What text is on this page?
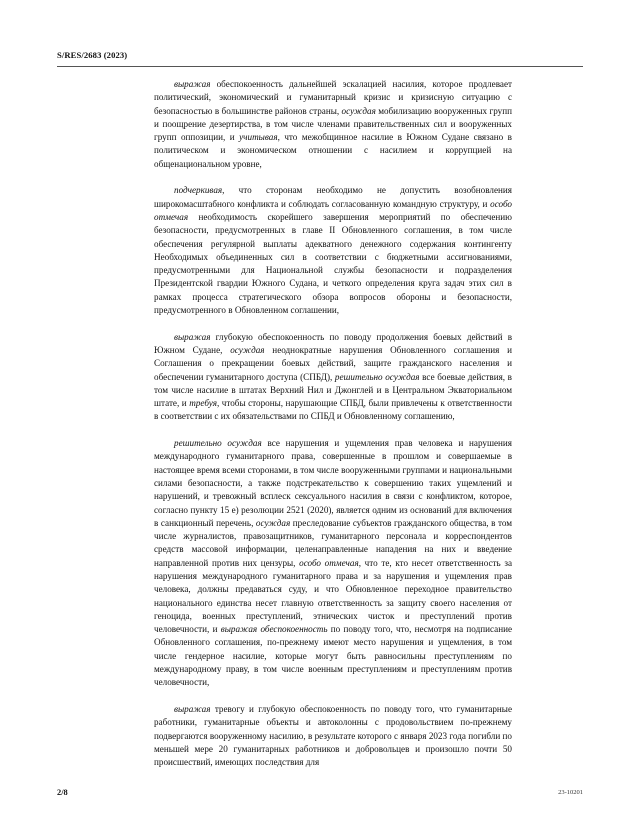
S/RES/2683 (2023)

выражая обеспокоенность дальнейшей эскалацией насилия, которое продлевает политический, экономический и гуманитарный кризис и кризисную ситуацию с безопасностью в большинстве районов страны, осуждая мобилизацию вооруженных групп и поощрение дезертирства, в том числе членами правительственных сил и вооруженных групп оппозиции, и учитывая, что межобщинное насилие в Южном Судане связано в политическом и экономическом отношении с насилием и коррупцией на общенациональном уровне,

подчеркивая, что сторонам необходимо не допустить возобновления широкомасштабного конфликта и соблюдать согласованную командную структуру, и особо отмечая необходимость скорейшего завершения мероприятий по обеспечению безопасности, предусмотренных в главе II Обновленного соглашения, в том числе обеспечения регулярной выплаты адекватного денежного содержания контингенту Необходимых объединенных сил в соответствии с бюджетными ассигнованиями, предусмотренными для Национальной службы безопасности и подразделения Президентской гвардии Южного Судана, и четкого определения круга задач этих сил в рамках процесса стратегического обзора вопросов обороны и безопасности, предусмотренного в Обновленном соглашении,

выражая глубокую обеспокоенность по поводу продолжения боевых действий в Южном Судане, осуждая неоднократные нарушения Обновленного соглашения и Соглашения о прекращении боевых действий, защите гражданского населения и обеспечении гуманитарного доступа (СПБД), решительно осуждая все боевые действия, в том числе насилие в штатах Верхний Нил и Джонглей и в Центральном Экваториальном штате, и требуя, чтобы стороны, нарушающие СПБД, были привлечены к ответственности в соответствии с их обязательствами по СПБД и Обновленному соглашению,

решительно осуждая все нарушения и ущемления прав человека и нарушения международного гуманитарного права, совершенные в прошлом и совершаемые в настоящее время всеми сторонами, в том числе вооруженными группами и национальными силами безопасности, а также подстрекательство к совершению таких ущемлений и нарушений, и тревожный всплеск сексуального насилия в связи с конфликтом, которое, согласно пункту 15 e) резолюции 2521 (2020), является одним из оснований для включения в санкционный перечень, осуждая преследование субъектов гражданского общества, в том числе журналистов, правозащитников, гуманитарного персонала и корреспондентов средств массовой информации, целенаправленные нападения на них и введение направленной против них цензуры, особо отмечая, что те, кто несет ответственность за нарушения международного гуманитарного права и за нарушения и ущемления прав человека, должны предаваться суду, и что Обновленное переходное правительство национального единства несет главную ответственность за защиту своего населения от геноцида, военных преступлений, этнических чисток и преступлений против человечности, и выражая обеспокоенность по поводу того, что, несмотря на подписание Обновленного соглашения, по-прежнему имеют место нарушения и ущемления, в том числе гендерное насилие, которые могут быть равносильны преступлениям по международному праву, в том числе военным преступлениям и преступлениям против человечности,

выражая тревогу и глубокую обеспокоенность по поводу того, что гуманитарные работники, гуманитарные объекты и автоколонны с продовольствием по-прежнему подвергаются вооруженному насилию, в результате которого с января 2023 года погибли по меньшей мере 20 гуманитарных работников и добровольцев и произошло почти 50 происшествий, имеющих последствия для

2/8	23-10201
